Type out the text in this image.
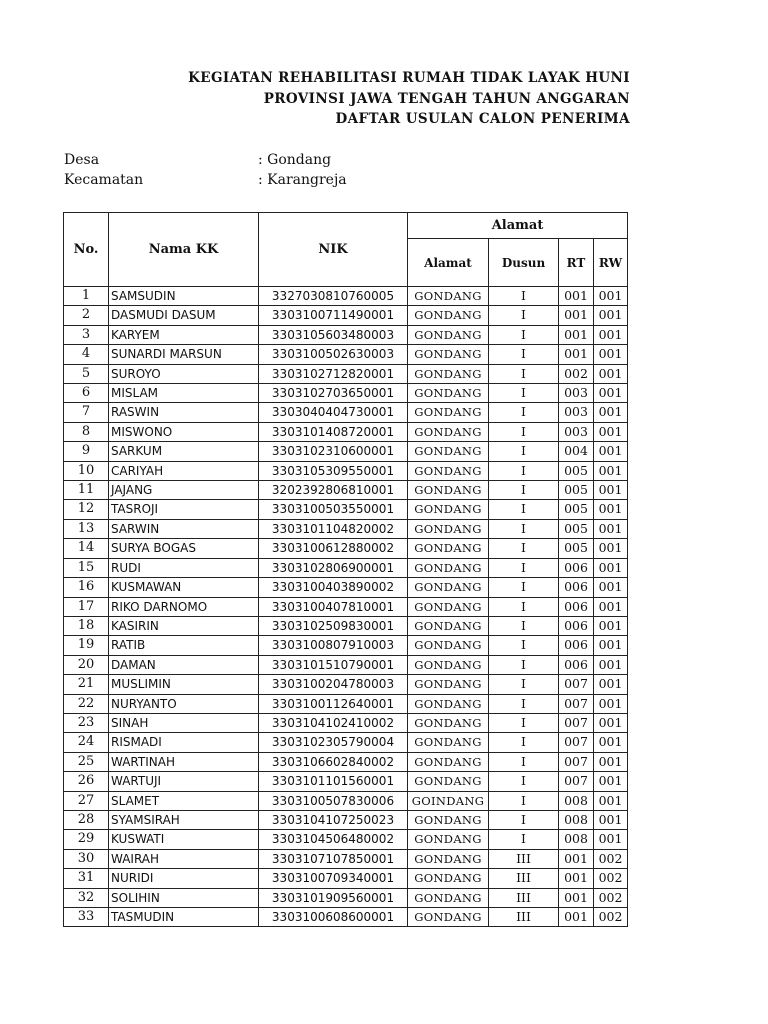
KEGIATAN REHABILITASI RUMAH TIDAK LAYAK HUNI
PROVINSI JAWA TENGAH TAHUN ANGGARAN
DAFTAR USULAN CALON PENERIMA
Desa	: Gondang
Kecamatan	: Karangreja
No.	Nama KK	NIK	Alamat			
			Alamat	Dusun	RT	RW
1	SAMSUDIN	3327030810760005	GONDANG	I	001	001
2	DASMUDI DASUM	3303100711490001	GONDANG	I	001	001
3	KARYEM	3303105603480003	GONDANG	I	001	001
4	SUNARDI MARSUN	3303100502630003	GONDANG	I	001	001
5	SUROYO	3303102712820001	GONDANG	I	002	001
6	MISLAM	3303102703650001	GONDANG	I	003	001
7	RASWIN	3303040404730001	GONDANG	I	003	001
8	MISWONO	3303101408720001	GONDANG	I	003	001
9	SARKUM	3303102310600001	GONDANG	I	004	001
10	CARIYAH	3303105309550001	GONDANG	I	005	001
11	JAJANG	3202392806810001	GONDANG	I	005	001
12	TASROJI	3303100503550001	GONDANG	I	005	001
13	SARWIN	3303101104820002	GONDANG	I	005	001
14	SURYA BOGAS	3303100612880002	GONDANG	I	005	001
15	RUDI	3303102806900001	GONDANG	I	006	001
16	KUSMAWAN	3303100403890002	GONDANG	I	006	001
17	RIKO DARNOMO	3303100407810001	GONDANG	I	006	001
18	KASIRIN	3303102509830001	GONDANG	I	006	001
19	RATIB	3303100807910003	GONDANG	I	006	001
20	DAMAN	3303101510790001	GONDANG	I	006	001
21	MUSLIMIN	3303100204780003	GONDANG	I	007	001
22	NURYANTO	3303100112640001	GONDANG	I	007	001
23	SINAH	3303104102410002	GONDANG	I	007	001
24	RISMADI	3303102305790004	GONDANG	I	007	001
25	WARTINAH	3303106602840002	GONDANG	I	007	001
26	WARTUJI	3303101101560001	GONDANG	I	007	001
27	SLAMET	3303100507830006	GOINDANG	I	008	001
28	SYAMSIRAH	3303104107250023	GONDANG	I	008	001
29	KUSWATI	3303104506480002	GONDANG	I	008	001
30	WAIRAH	3303107107850001	GONDANG	III	001	002
31	NURIDI	3303100709340001	GONDANG	III	001	002
32	SOLIHIN	3303101909560001	GONDANG	III	001	002
33	TASMUDIN	3303100608600001	GONDANG	III	001	002
